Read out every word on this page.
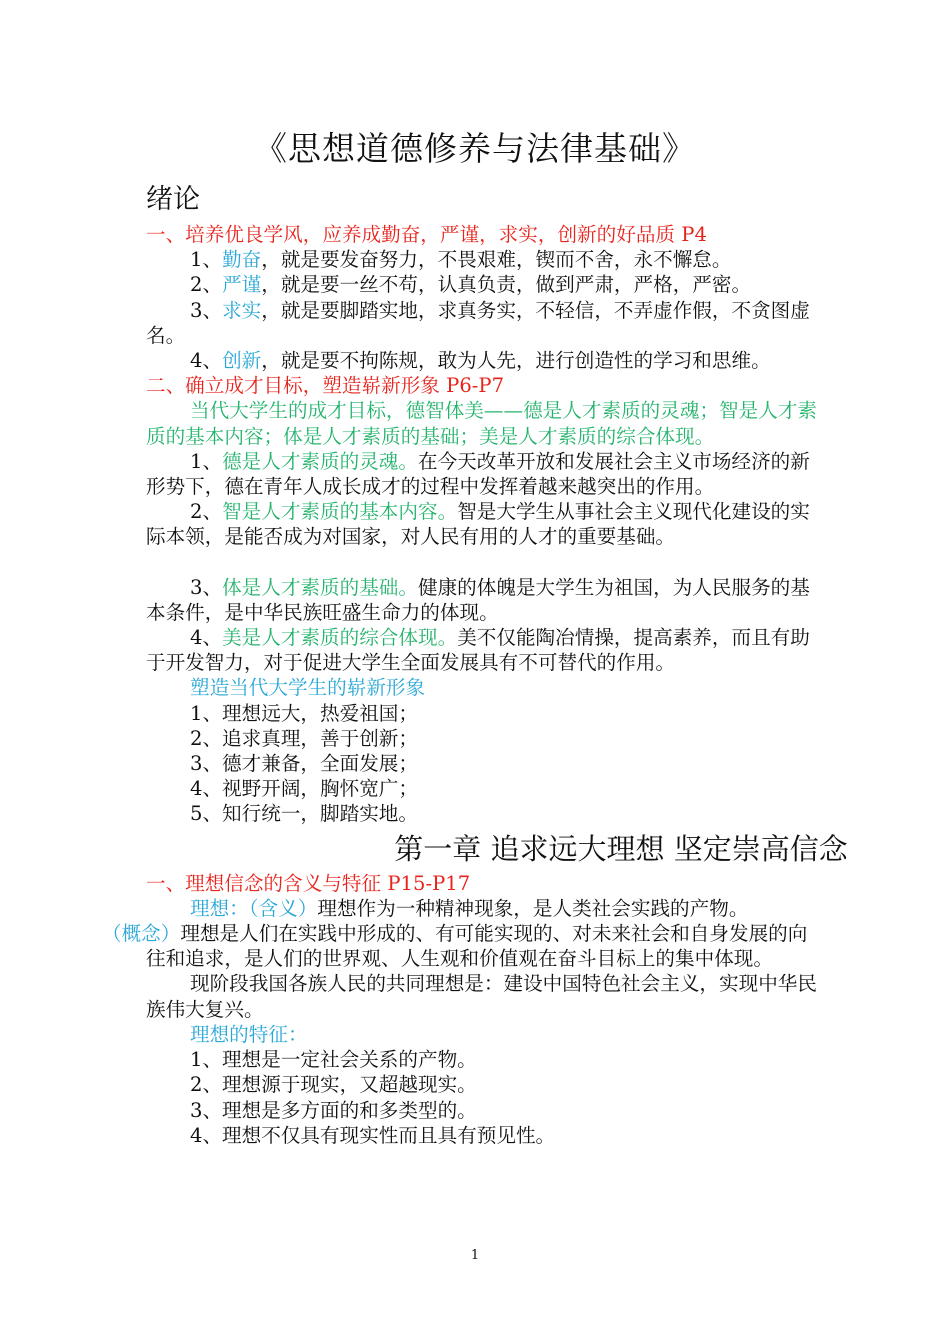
《思想道德修养与法律基础》
绪论

一、培养优良学风，应养成勤奋，严谨，求实，创新的好品质 P4

1、勤奋，就是要发奋努力，不畏艰难，锲而不舍，永不懈怠。

2、严谨，就是要一丝不苟，认真负责，做到严肃，严格，严密。

3、求实，就是要脚踏实地，求真务实，不轻信，不弄虚作假，不贪图虚名。

4、创新，就是要不拘陈规，敢为人先，进行创造性的学习和思维。

二、确立成才目标，塑造崭新形象 P6-P7

当代大学生的成才目标，德智体美——德是人才素质的灵魂；智是人才素质的基本内容；体是人才素质的基础；美是人才素质的综合体现。

1、德是人才素质的灵魂。在今天改革开放和发展社会主义市场经济的新形势下，德在青年人成长成才的过程中发挥着越来越突出的作用。

2、智是人才素质的基本内容。智是大学生从事社会主义现代化建设的实际本领，是能否成为对国家，对人民有用的人才的重要基础。

3、体是人才素质的基础。健康的体魄是大学生为祖国，为人民服务的基本条件，是中华民族旺盛生命力的体现。

4、美是人才素质的综合体现。美不仅能陶冶情操，提高素养，而且有助于开发智力，对于促进大学生全面发展具有不可替代的作用。

塑造当代大学生的崭新形象

1、理想远大，热爱祖国；

2、追求真理，善于创新；

3、德才兼备，全面发展；

4、视野开阔，胸怀宽广；

5、知行统一，脚踏实地。

第一章 追求远大理想 坚定崇高信念

一、理想信念的含义与特征 P15-P17

理想：（含义）理想作为一种精神现象，是人类社会实践的产物。
（概念）理想是人们在实践中形成的、有可能实现的、对未来社会和自身发展的向往和追求，是人们的世界观、人生观和价值观在奋斗目标上的集中体现。

现阶段我国各族人民的共同理想是：建设中国特色社会主义，实现中华民族伟大复兴。

理想的特征：

1、理想是一定社会关系的产物。

2、理想源于现实，又超越现实。

3、理想是多方面的和多类型的。

4、理想不仅具有现实性而且具有预见性。

1
